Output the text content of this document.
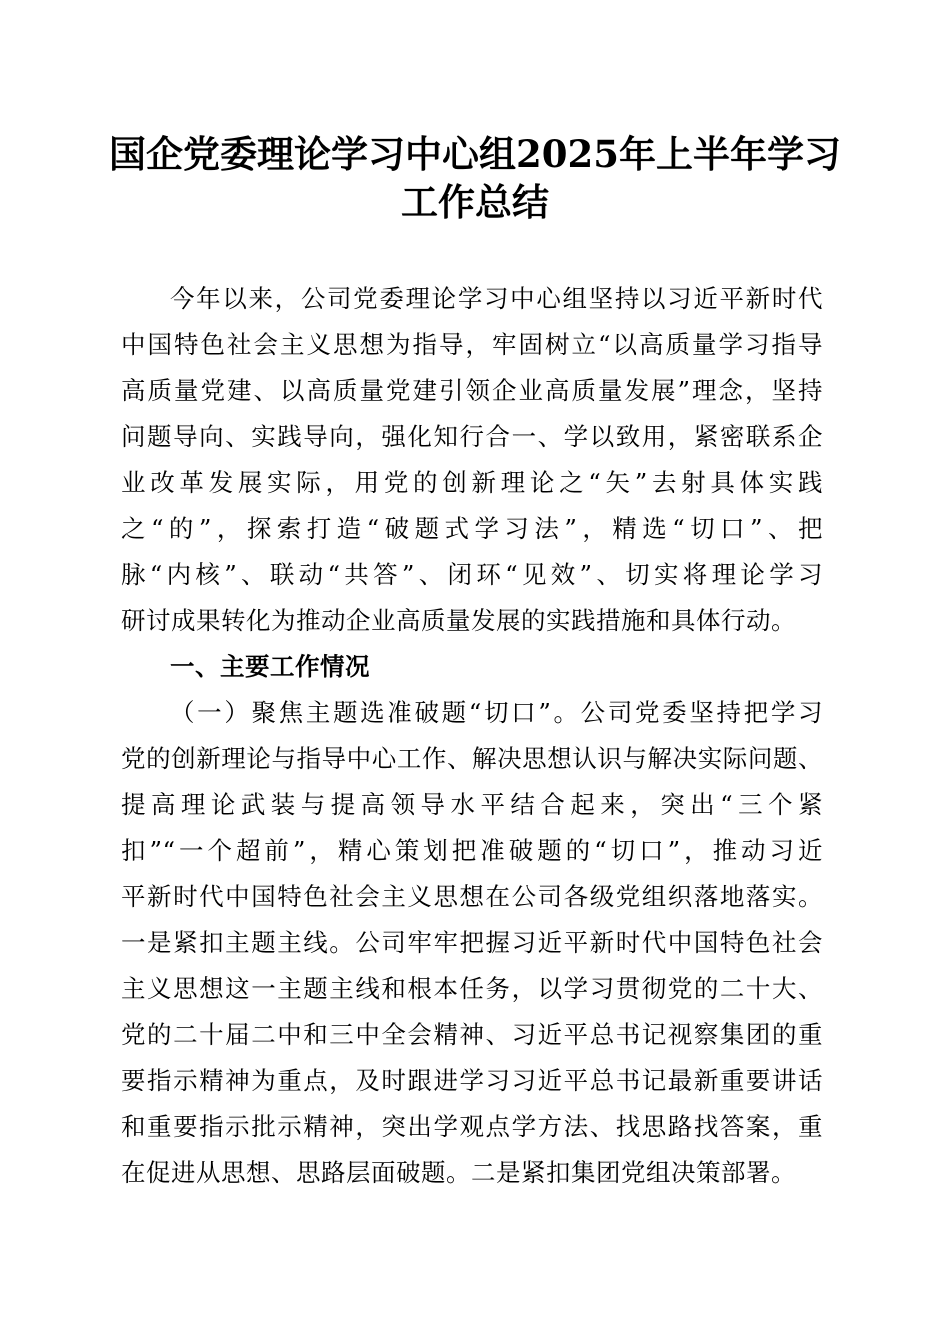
国企党委理论学习中心组2025年上半年学习
工作总结
今年以来，公司党委理论学习中心组坚持以习近平新时代
中国特色社会主义思想为指导，牢固树立“以高质量学习指导
高质量党建、以高质量党建引领企业高质量发展”理念，坚持
问题导向、实践导向，强化知行合一、学以致用，紧密联系企
业改革发展实际，用党的创新理论之“矢”去射具体实践
之“的”，探索打造“破题式学习法”，精选“切口”、把
脉“内核”、联动“共答”、闭环“见效”、切实将理论学习
研讨成果转化为推动企业高质量发展的实践措施和具体行动。
一、主要工作情况
（一）聚焦主题选准破题“切口”。公司党委坚持把学习
党的创新理论与指导中心工作、解决思想认识与解决实际问题、
提高理论武装与提高领导水平结合起来，突出“三个紧
扣”“一个超前”，精心策划把准破题的“切口”，推动习近
平新时代中国特色社会主义思想在公司各级党组织落地落实。
一是紧扣主题主线。公司牢牢把握习近平新时代中国特色社会
主义思想这一主题主线和根本任务，以学习贯彻党的二十大、
党的二十届二中和三中全会精神、习近平总书记视察集团的重
要指示精神为重点，及时跟进学习习近平总书记最新重要讲话
和重要指示批示精神，突出学观点学方法、找思路找答案，重
在促进从思想、思路层面破题。二是紧扣集团党组决策部署。
